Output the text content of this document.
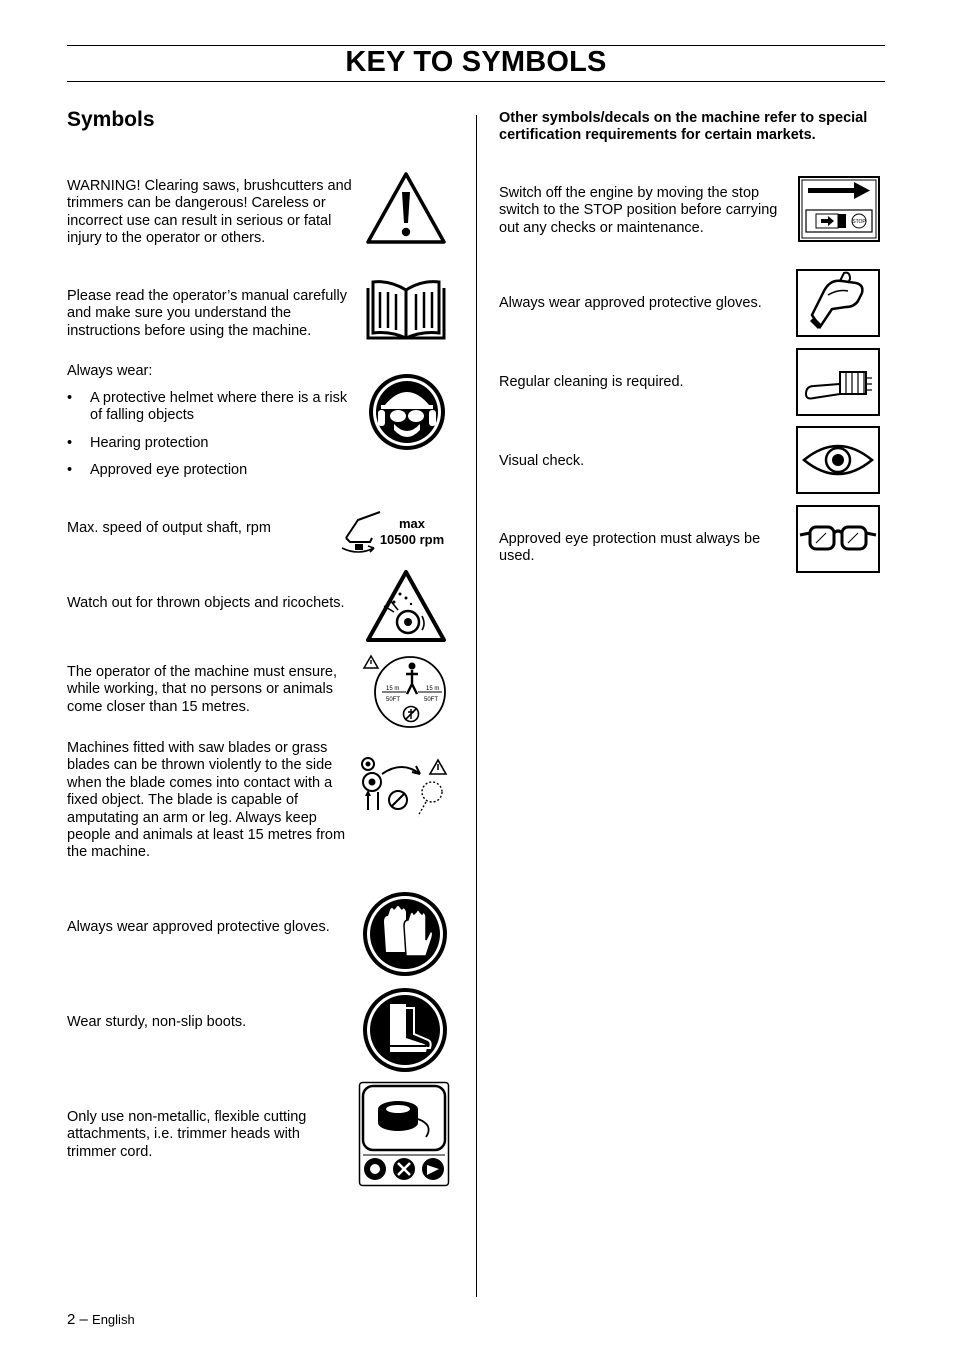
KEY TO SYMBOLS
Symbols
WARNING! Clearing saws, brushcutters and trimmers can be dangerous! Careless or incorrect use can result in serious or fatal injury to the operator or others.
Please read the operator’s manual carefully and make sure you understand the instructions before using the machine.
Always wear:
• A protective helmet where there is a risk of falling objects
• Hearing protection
• Approved eye protection
Max. speed of output shaft, rpm	max
10500 rpm
Watch out for thrown objects and ricochets.
The operator of the machine must ensure, while working, that no persons or animals come closer than 15 metres.
15 m	15 m
50FT	50FT
Machines fitted with saw blades or grass blades can be thrown violently to the side when the blade comes into contact with a fixed object. The blade is capable of amputating an arm or leg. Always keep people and animals at least 15 metres from the machine.
Always wear approved protective gloves.
Wear sturdy, non-slip boots.
Only use non-metallic, flexible cutting attachments, i.e. trimmer heads with trimmer cord.
Other symbols/decals on the machine refer to special certification requirements for certain markets.
Switch off the engine by moving the stop switch to the STOP position before carrying out any checks or maintenance.	STOP
Always wear approved protective gloves.
Regular cleaning is required.
Visual check.
Approved eye protection must always be used.
2 – English
